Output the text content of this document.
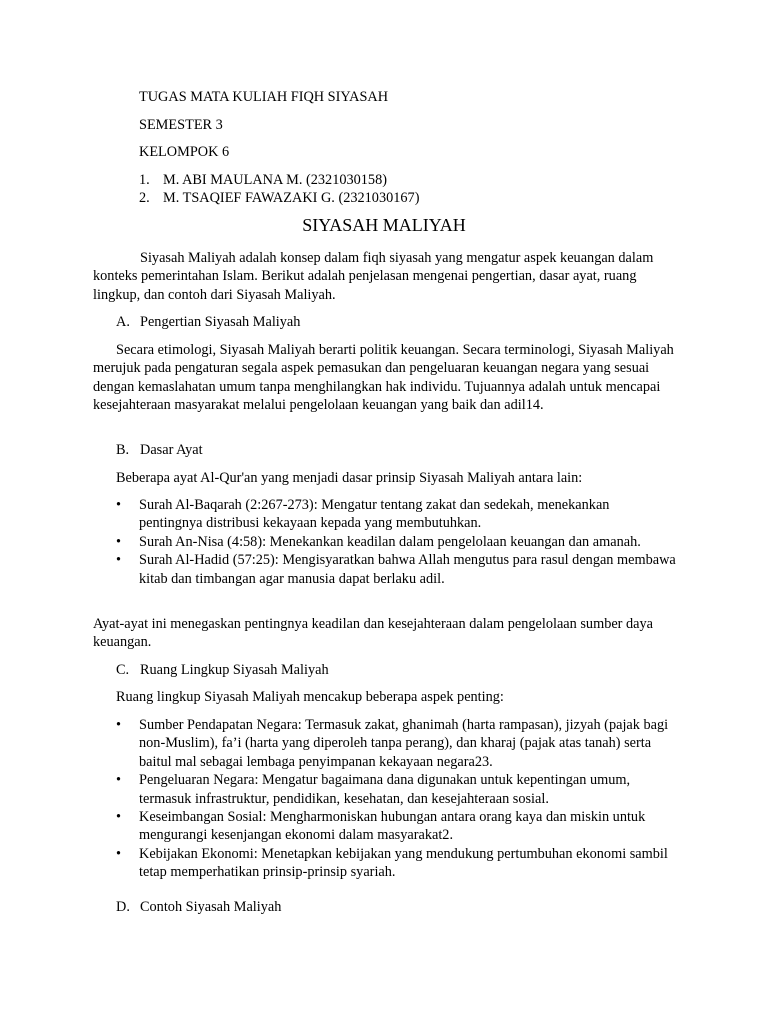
TUGAS MATA KULIAH FIQH SIYASAH
SEMESTER 3
KELOMPOK 6
1. M. ABI MAULANA M. (2321030158)
2. M. TSAQIEF FAWAZAKI G. (2321030167)
SIYASAH MALIYAH

Siyasah Maliyah adalah konsep dalam fiqh siyasah yang mengatur aspek keuangan dalam konteks pemerintahan Islam. Berikut adalah penjelasan mengenai pengertian, dasar ayat, ruang lingkup, dan contoh dari Siyasah Maliyah.

A. Pengertian Siyasah Maliyah

Secara etimologi, Siyasah Maliyah berarti politik keuangan. Secara terminologi, Siyasah Maliyah merujuk pada pengaturan segala aspek pemasukan dan pengeluaran keuangan negara yang sesuai dengan kemaslahatan umum tanpa menghilangkan hak individu. Tujuannya adalah untuk mencapai kesejahteraan masyarakat melalui pengelolaan keuangan yang baik dan adil14.

B. Dasar Ayat
Beberapa ayat Al-Qur'an yang menjadi dasar prinsip Siyasah Maliyah antara lain:
• Surah Al-Baqarah (2:267-273): Mengatur tentang zakat dan sedekah, menekankan pentingnya distribusi kekayaan kepada yang membutuhkan.
• Surah An-Nisa (4:58): Menekankan keadilan dalam pengelolaan keuangan dan amanah.
• Surah Al-Hadid (57:25): Mengisyaratkan bahwa Allah mengutus para rasul dengan membawa kitab dan timbangan agar manusia dapat berlaku adil.

Ayat-ayat ini menegaskan pentingnya keadilan dan kesejahteraan dalam pengelolaan sumber daya keuangan.

C. Ruang Lingkup Siyasah Maliyah
Ruang lingkup Siyasah Maliyah mencakup beberapa aspek penting:
• Sumber Pendapatan Negara: Termasuk zakat, ghanimah (harta rampasan), jizyah (pajak bagi non-Muslim), fa’i (harta yang diperoleh tanpa perang), dan kharaj (pajak atas tanah) serta baitul mal sebagai lembaga penyimpanan kekayaan negara23.
• Pengeluaran Negara: Mengatur bagaimana dana digunakan untuk kepentingan umum, termasuk infrastruktur, pendidikan, kesehatan, dan kesejahteraan sosial.
• Keseimbangan Sosial: Mengharmoniskan hubungan antara orang kaya dan miskin untuk mengurangi kesenjangan ekonomi dalam masyarakat2.
• Kebijakan Ekonomi: Menetapkan kebijakan yang mendukung pertumbuhan ekonomi sambil tetap memperhatikan prinsip-prinsip syariah.
D. Contoh Siyasah Maliyah
